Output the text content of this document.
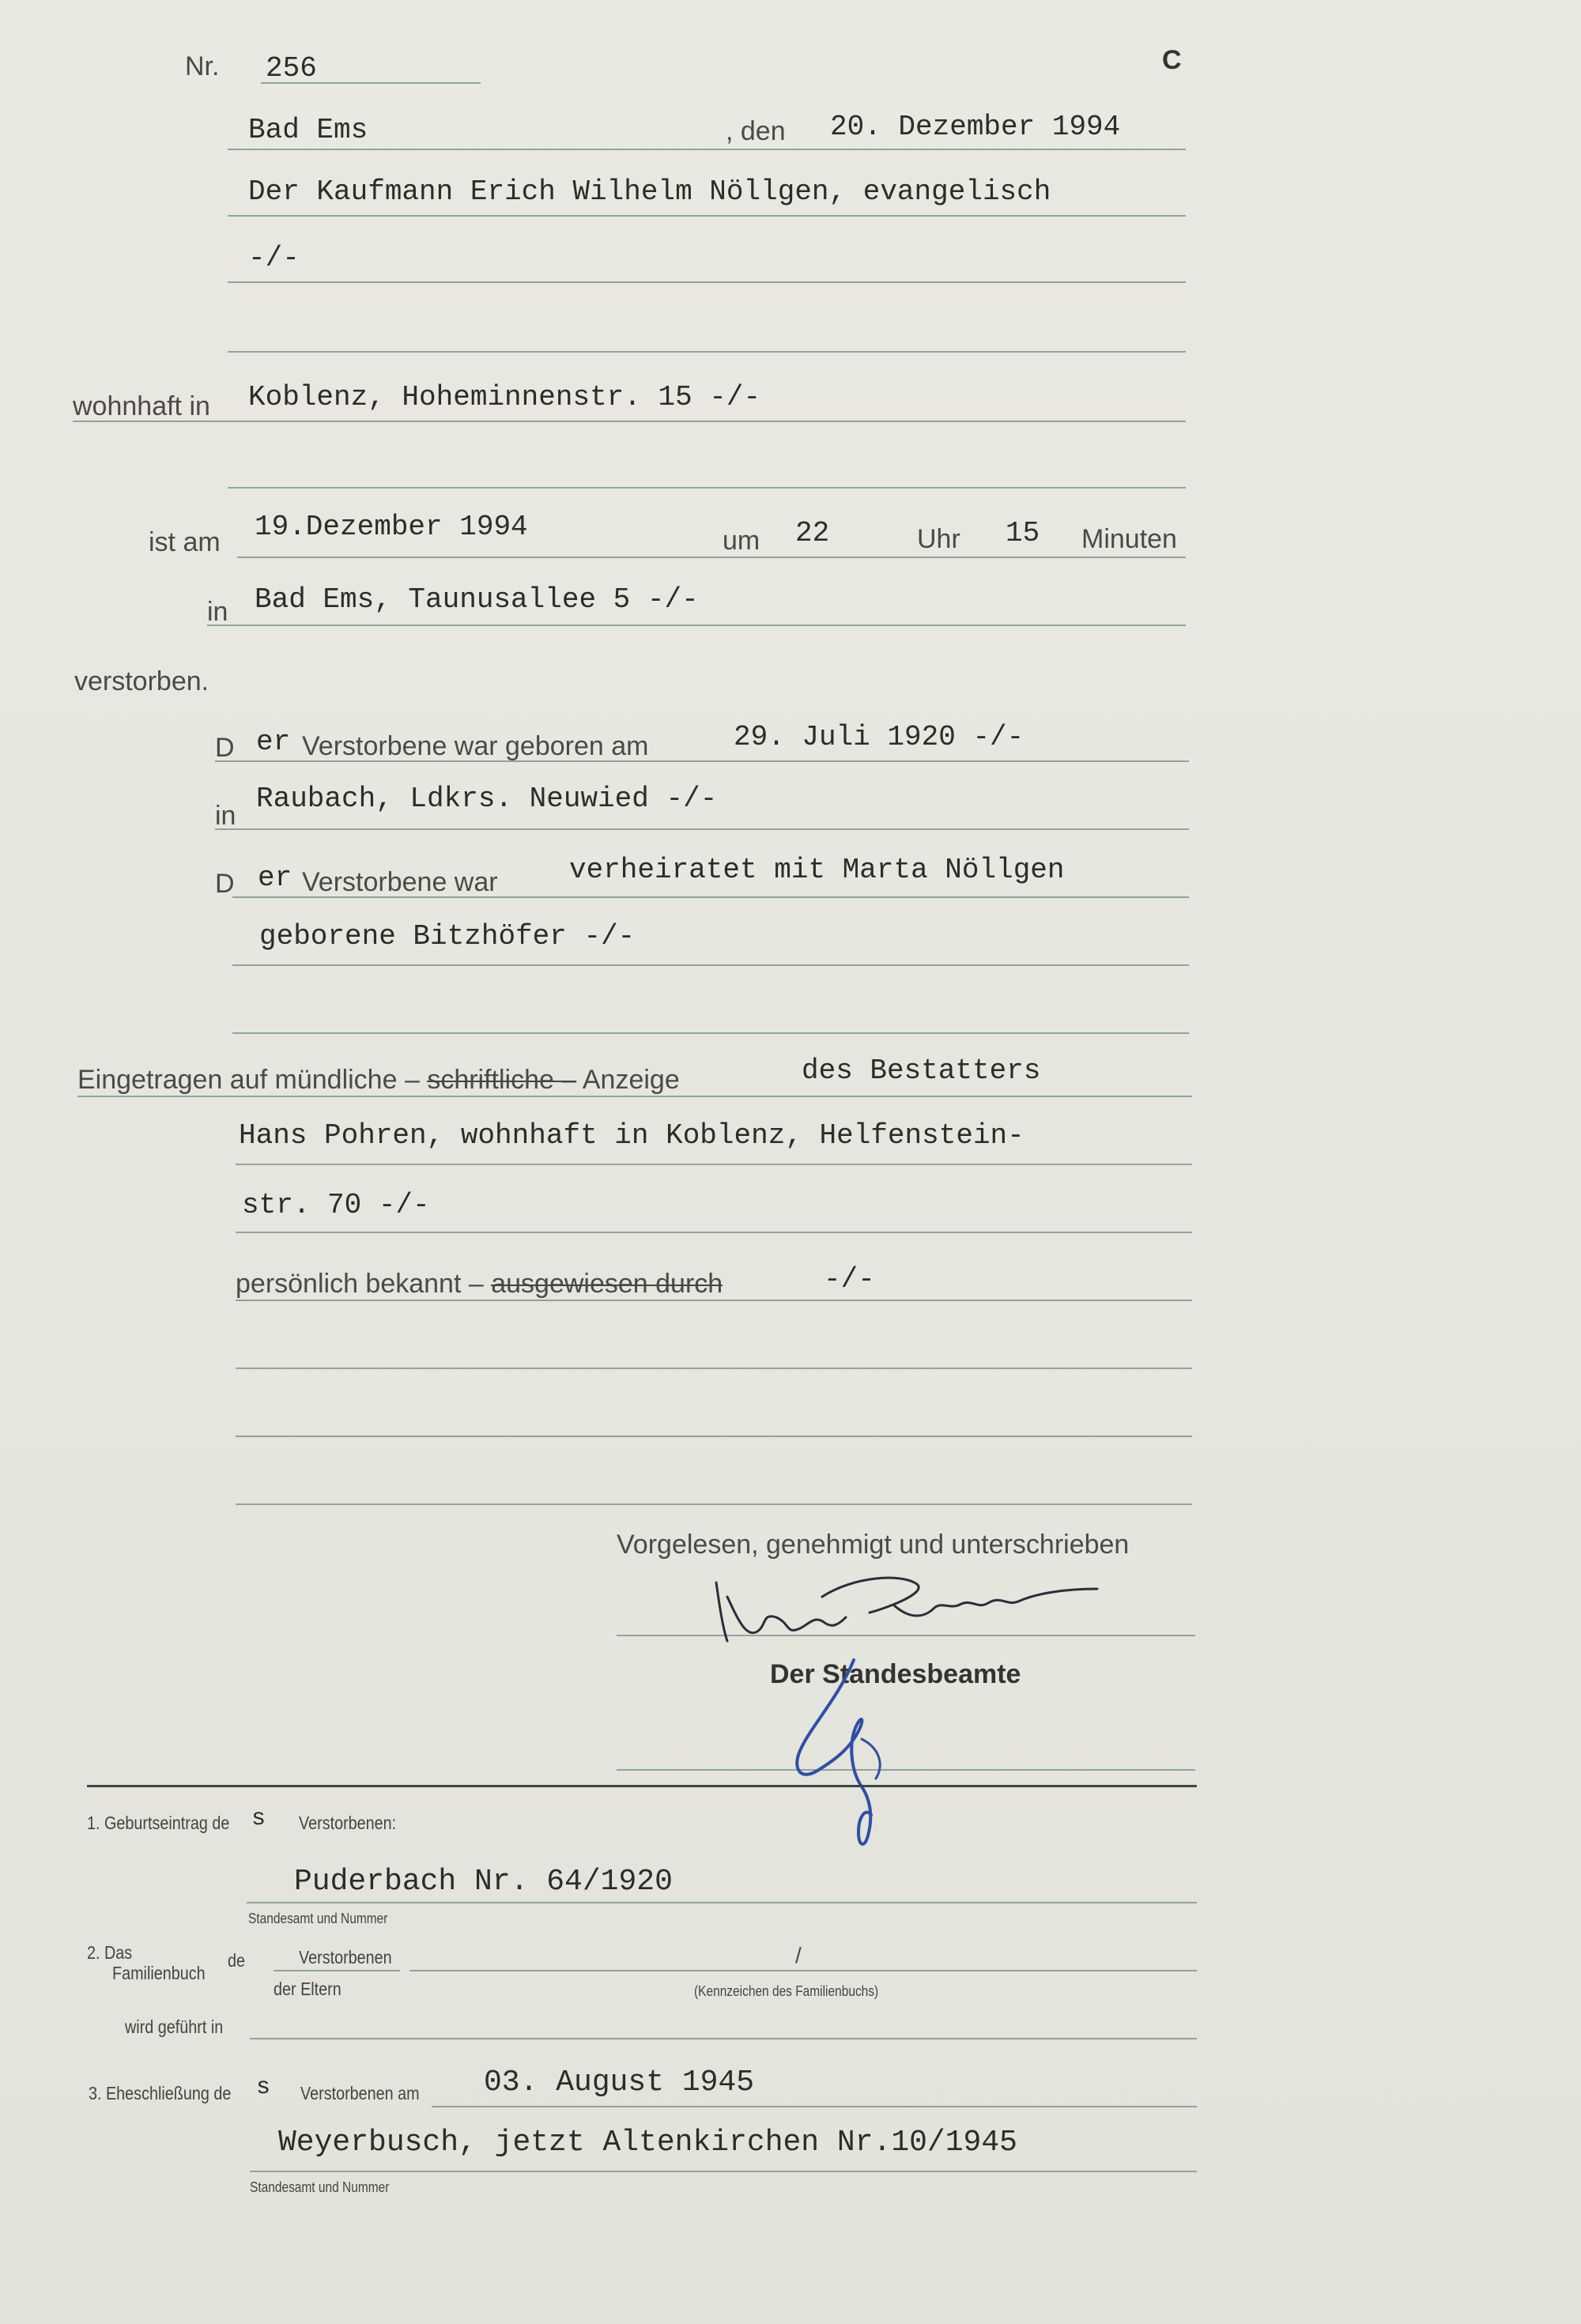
Nr. 256	C
Bad Ems	, den 20. Dezember 1994
Der Kaufmann Erich Wilhelm Nöllgen, evangelisch
-/-
wohnhaft in Koblenz, Hoheminnenstr. 15 -/-
ist am 19.Dezember 1994	um 22	Uhr 15 Minuten
in Bad Ems, Taunusallee 5 -/-
verstorben.
D er Verstorbene war geboren am	29. Juli 1920 -/-
in
Raubach, Ldkrs. Neuwied -/-
D er Verstorbene war	verheiratet mit Marta Nöllgen
geborene Bitzhöfer -/-
Eingetragen auf mündliche – schriftliche – Anzeige	des Bestatters
Hans Pohren, wohnhaft in Koblenz, Helfenstein-
str. 70 -/-
persönlich bekannt – ausgewiesen durch	-/-
Vorgelesen, genehmigt und unterschrieben
Der Standesbeamte
1. Geburtseintrag de s Verstorbenen:
Puderbach Nr. 64/1920
Standesamt und Nummer
2. Das
Familienbuch
de	Verstorbenen
der Eltern
/
(Kennzeichen des Familienbuchs)
wird geführt in
3. Eheschließung de s Verstorbenen am 03. August 1945
Weyerbusch, jetzt Altenkirchen Nr.10/1945
Standesamt und Nummer
